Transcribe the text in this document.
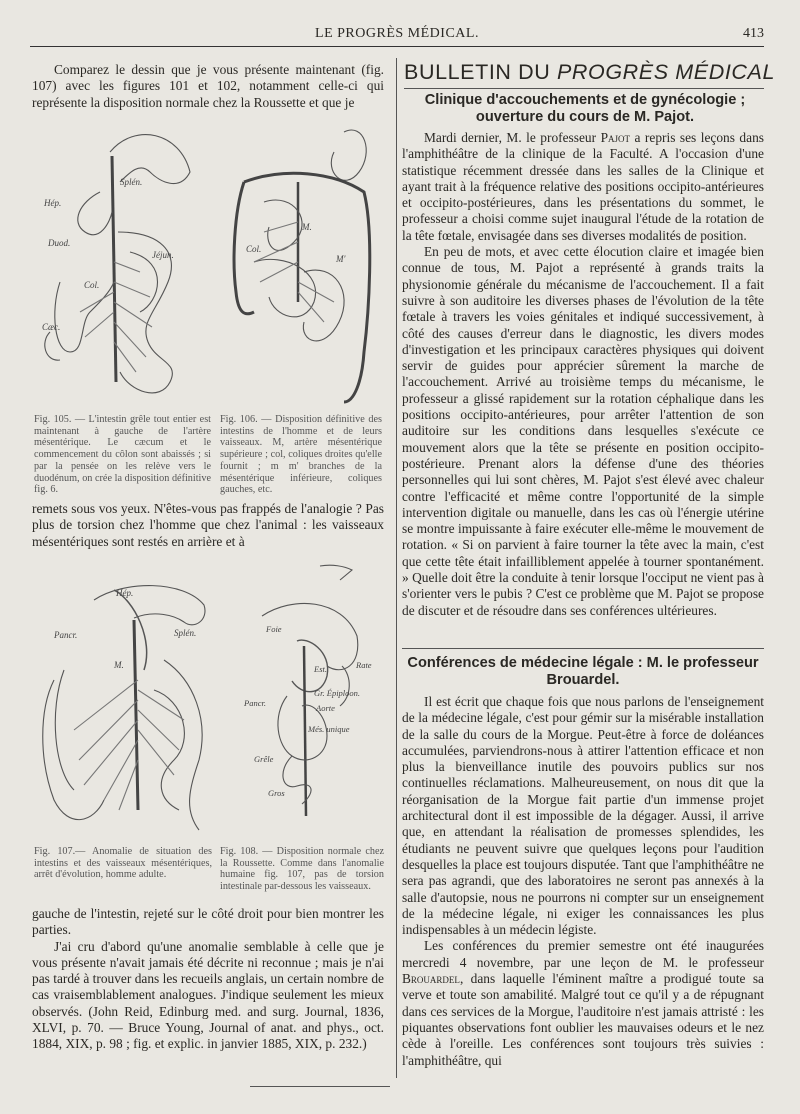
LE PROGRÈS MÉDICAL.	413

Comparez le dessin que je vous présente maintenant (fig. 107) avec les figures 101 et 102, notamment celle-ci qui représente la disposition normale chez la Roussette et que je

Splén.
Hép.
Duod.
Jéjun.
Col.
Cæc.
Col.
M.
M'
Fig. 105. — L'intestin grêle tout entier est maintenant à gauche de l'artère mésentérique. Le cæcum et le commencement du côlon sont abaissés ; si par la pensée on les relève vers le duodénum, on crée la disposition définitive fig. 6.
Fig. 106. — Disposition définitive des intestins de l'homme et de leurs vaisseaux. M, artère mésentérique supérieure ; col, coliques droites qu'elle fournit ; m m' branches de la mésentérique inférieure, coliques gauches, etc.

remets sous vos yeux. N'êtes-vous pas frappés de l'analogie ? Pas plus de torsion chez l'homme que chez l'animal : les vaisseaux mésentériques sont restés en arrière et à

Hép.
Pancr.	Splén.
M.
Foie
Est.	Rate
Pancr.
Gr. Épiploon.
Aorte
Més. unique
Grêle
Gros
Fig. 107.— Anomalie de situation des intestins et des vaisseaux mésentériques, arrêt d'évolution, homme adulte.
Fig. 108. — Disposition normale chez la Roussette. Comme dans l'anomalie humaine fig. 107, pas de torsion intestinale par-dessous les vaisseaux.

gauche de l'intestin, rejeté sur le côté droit pour bien montrer les parties.

J'ai cru d'abord qu'une anomalie semblable à celle que je vous présente n'avait jamais été décrite ni reconnue ; mais je n'ai pas tardé à trouver dans les recueils anglais, un certain nombre de cas vraisemblablement analogues. J'indique seulement les mieux observés. (John Reid, Edinburg med. and surg. Journal, 1836, XLVI, p. 70. — Bruce Young, Journal of anat. and phys., oct. 1884, XIX, p. 98 ; fig. et explic. in janvier 1885, XIX, p. 232.)

BULLETIN DU PROGRÈS MÉDICAL
Clinique d'accouchements et de gynécologie ; ouverture du cours de M. Pajot.

Mardi dernier, M. le professeur Pajot a repris ses leçons dans l'amphithéâtre de la clinique de la Faculté. A l'occasion d'une statistique récemment dressée dans les salles de la Clinique et ayant trait à la fréquence relative des positions occipito-antérieures et occipito-postérieures, dans les présentations du sommet, le professeur a choisi comme sujet inaugural l'étude de la rotation de la tête fœtale, envisagée dans ses diverses modalités de position.

En peu de mots, et avec cette élocution claire et imagée bien connue de tous, M. Pajot a représenté à grands traits la physionomie générale du mécanisme de l'accouchement. Il a fait suivre à son auditoire les diverses phases de l'évolution de la tête fœtale à travers les voies génitales et indiqué successivement, à côté des causes d'erreur dans le diagnostic, les divers modes d'investigation et les principaux caractères physiques qui doivent servir de guides pour apprécier sûrement la marche de l'accouchement. Arrivé au troisième temps du mécanisme, le professeur a glissé rapidement sur la rotation céphalique dans les positions occipito-antérieures, pour arrêter l'attention de son auditoire sur les conditions dans lesquelles s'exécute ce mouvement alors que la tête se présente en position occipito-postérieure. Prenant alors la défense d'une des théories personnelles qui lui sont chères, M. Pajot s'est élevé avec chaleur contre l'efficacité et même contre l'opportunité de la simple intervention digitale ou manuelle, dans les cas où l'énergie utérine se montre impuissante à faire exécuter elle-même le mouvement de rotation. « Si on parvient à faire tourner la tête avec la main, c'est que cette tête était infailliblement appelée à tourner spontanément. » Quelle doit être la conduite à tenir lorsque l'occiput ne vient pas à s'orienter vers le pubis ? C'est ce problème que M. Pajot se propose de discuter et de résoudre dans ses conférences ultérieures.

Conférences de médecine légale : M. le professeur Brouardel.

Il est écrit que chaque fois que nous parlons de l'enseignement de la médecine légale, c'est pour gémir sur la misérable installation de la salle du cours de la Morgue. Peut-être à force de doléances accumulées, parviendrons-nous à attirer l'attention efficace et non plus la bienveillance inutile des pouvoirs publics sur nos continuelles réclamations. Malheureusement, on nous dit que la réorganisation de la Morgue fait partie d'un immense projet architectural dont il est impossible de la dégager. Aussi, il arrive que, en attendant la réalisation de promesses splendides, les étudiants ne peuvent suivre que quelques leçons pour l'audition desquelles la place est toujours disputée. Tant que l'amphithéâtre ne sera pas agrandi, que des laboratoires ne seront pas annexés à la salle d'autopsie, nous ne pourrons ni compter sur un enseignement de la médecine légale, ni exiger les connaissances les plus indispensables à un médecin légiste.

Les conférences du premier semestre ont été inaugurées mercredi 4 novembre, par une leçon de M. le professeur Brouardel, dans laquelle l'éminent maître a prodigué toute sa verve et toute son amabilité. Malgré tout ce qu'il y a de répugnant dans ces services de la Morgue, l'auditoire n'est jamais attristé : les piquantes observations font oublier les mauvaises odeurs et le nez cède à l'oreille. Les conférences sont toujours très suivies : l'amphithéâtre, qui
